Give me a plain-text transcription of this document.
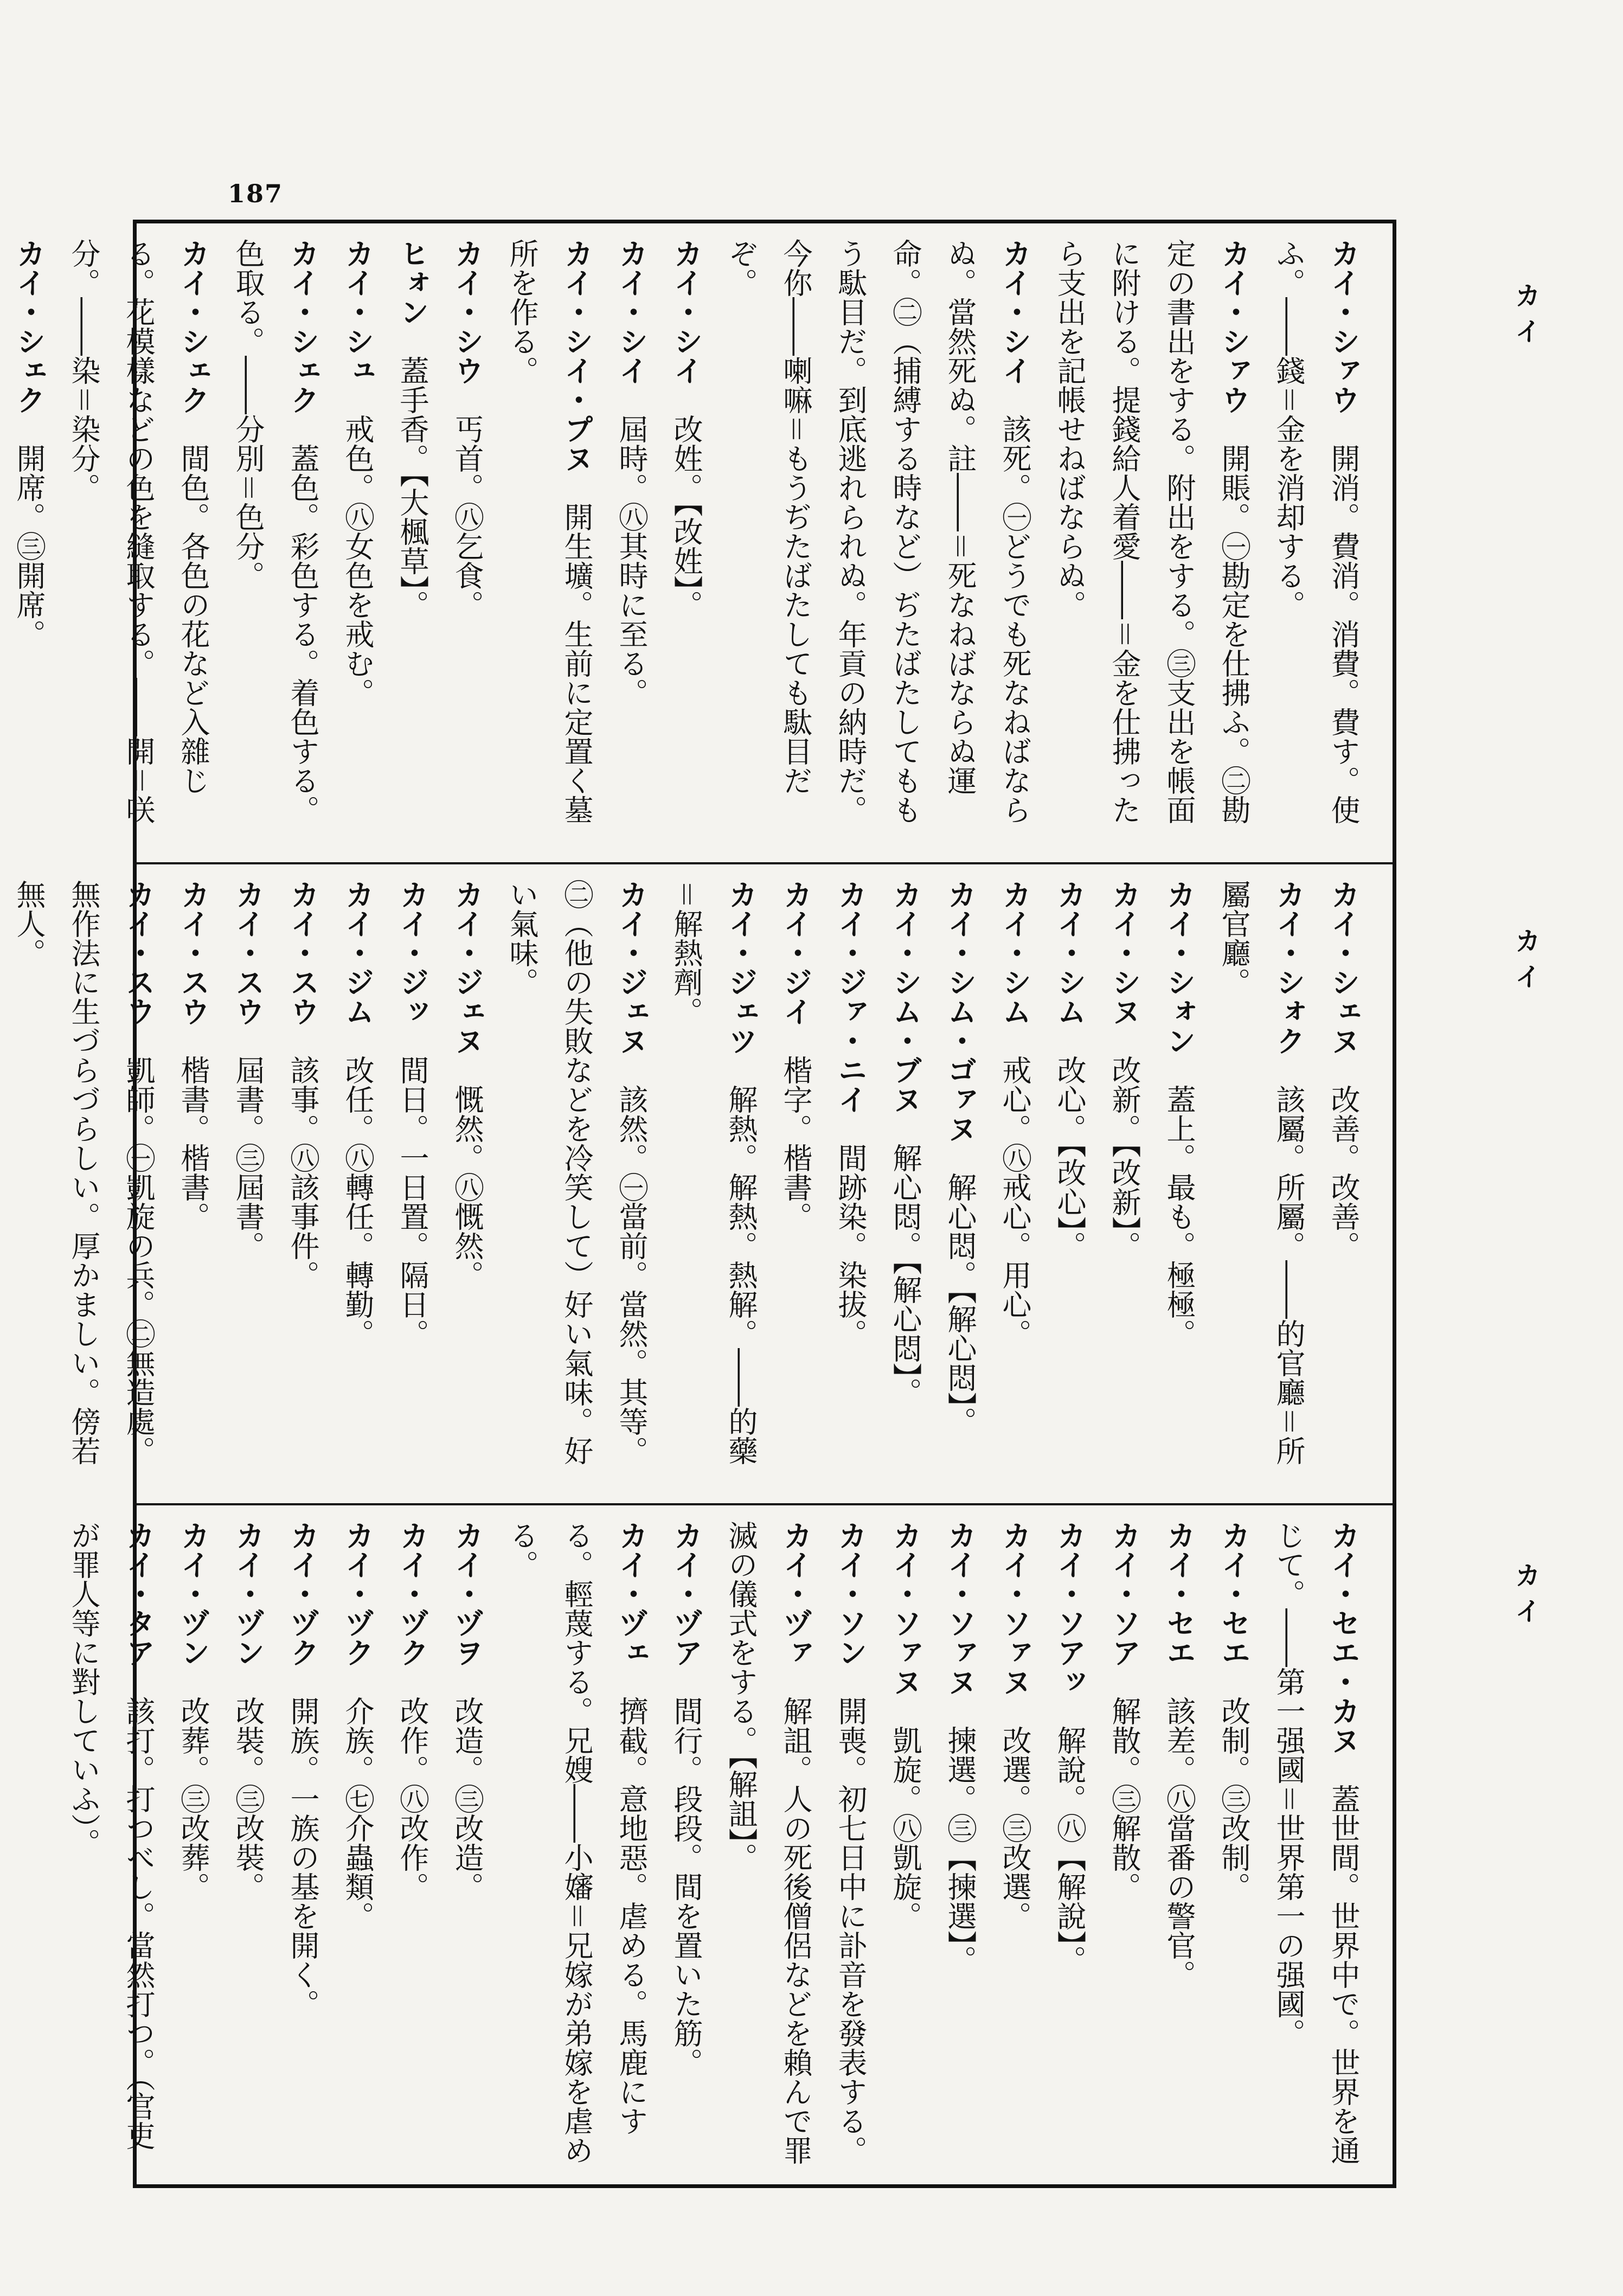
187
カイ
カイ
カイ

カイ・シァウ　開消。費消。消費。費す。使ふ。――錢＝金を消却する。

カイ・シァウ　開賬。㊀勘定を仕拂ふ。㊁勘定の書出をする。附出をする。㊂支出を帳面に附ける。提錢給人着愛――＝金を仕拂ったら支出を記帳せねばならぬ。

カイ・シイ　該死。㊀どうでも死なねばならぬ。當然死ぬ。註――＝死なねばならぬ運命。㊁（捕縛する時など）ぢたばたしてももう駄目だ。到底逃れられぬ。年貢の納時だ。今你――喇嘛＝もうぢたばたしても駄目だぞ。

カイ・シイ　改姓。【改姓】。

カイ・シイ　屆時。㊇其時に至る。

カイ・シイ・プヌ　開生壙。生前に定置く墓所を作る。

カイ・シウ　丐首。㊇乞食。

ヒォン　蓋手香。【大楓草】。

カイ・シュ　戒色。㊇女色を戒む。

カイ・シェク　蓋色。彩色する。着色する。色取る。――分別＝色分。

カイ・シェク　間色。各色の花など入雜じる。花模樣などの色を縫取する。――開＝咲分。――染＝染分。

カイ・シェク　開席。㊂開席。

カイ・シェヌ　改善。改善。

カイ・シォク　該屬。所屬。――的官廳＝所屬官廳。

カイ・シォン　蓋上。最も。極極。

カイ・シヌ　改新。【改新】。

カイ・シム　改心。【改心】。

カイ・シム　戒心。㊇戒心。用心。

カイ・シム・ゴァヌ　解心悶。【解心悶】。

カイ・シム・ブヌ　解心悶。【解心悶】。

カイ・ジァ・ニイ　間跡染。染拔。

カイ・ジイ　楷字。楷書。

カイ・ジェツ　解熱。解熱。熱解。――的藥＝解熱劑。

カイ・ジェヌ　該然。㊀當前。當然。其等。㊁（他の失敗などを冷笑して）好い氣味。好い氣味。

カイ・ジェヌ　慨然。㊇慨然。

カイ・ジッ　間日。一日置。隔日。

カイ・ジム　改任。㊇轉任。轉勤。

カイ・スウ　該事。㊇該事件。

カイ・スウ　屆書。㊂屆書。

カイ・スウ　楷書。楷書。

カイ・スウ　凱師。㊀凱旋の兵。㊁無造處。無作法に生づらづらしい。厚かましい。傍若無人。

カイ・セエ・カヌ　蓋世間。世界中で。世界を通じて。――第一强國＝世界第一の强國。

カイ・セエ　改制。㊂改制。

カイ・セエ　該差。㊇當番の警官。

カイ・ソア　解散。㊂解散。

カイ・ソアッ　解說。㊇【解說】。

カイ・ソァヌ　改選。㊂改選。

カイ・ソァヌ　揀選。㊂【揀選】。

カイ・ソァヌ　凱旋。㊇凱旋。

カイ・ソン　開喪。初七日中に訃音を發表する。

カイ・ヅァ　解詛。人の死後僧侶などを賴んで罪滅の儀式をする。【解詛】。

カイ・ヅア　間行。段段。間を置いた筋。

カイ・ヅェ　擠截。意地惡。虐める。馬鹿にする。輕蔑する。兄嫂――小嬸＝兄嫁が弟嫁を虐める。

カイ・ヅヲ　改造。㊂改造。

カイ・ヅク　改作。㊇改作。

カイ・ヅク　介族。㊆介蟲類。

カイ・ヅク　開族。一族の基を開く。

カイ・ヅン　改裝。㊂改裝。

カイ・ヅン　改葬。㊂改葬。

カイ・タア　該打。打つべし。當然打つ。（官吏が罪人等に對していふ）。
